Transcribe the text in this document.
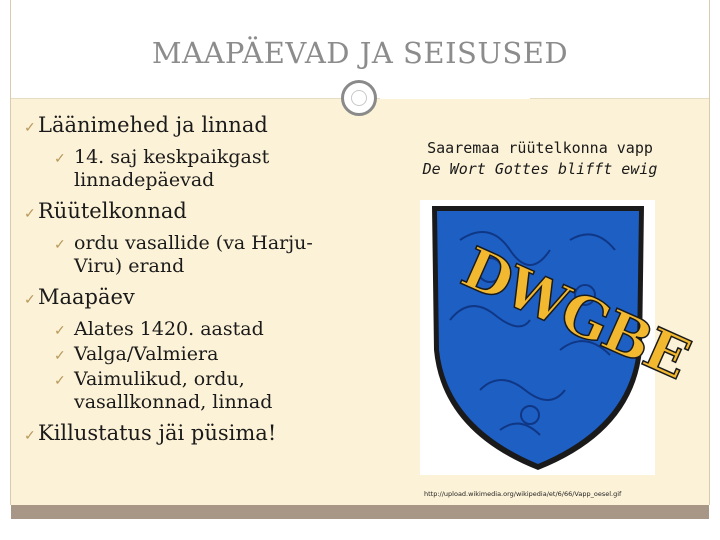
MAAPÄEVAD JA SEISUSED
✓ Läänimehed ja linnad
✓ 14. saj keskpaikgast linnadepäevad
✓ Rüütelkonnad
✓ ordu vasallide (va Harju-Viru) erand
✓ Maapäev
✓ Alates 1420. aastad
✓ Valga/Valmiera
✓ Vaimulikud, ordu, vasallkonnad, linnad
✓ Killustatus jäi püsima!
Saaremaa rüütelkonna vapp
De Wort Gottes blifft ewig
DWGBE
http://upload.wikimedia.org/wikipedia/et/6/66/Vapp_oesel.gif
